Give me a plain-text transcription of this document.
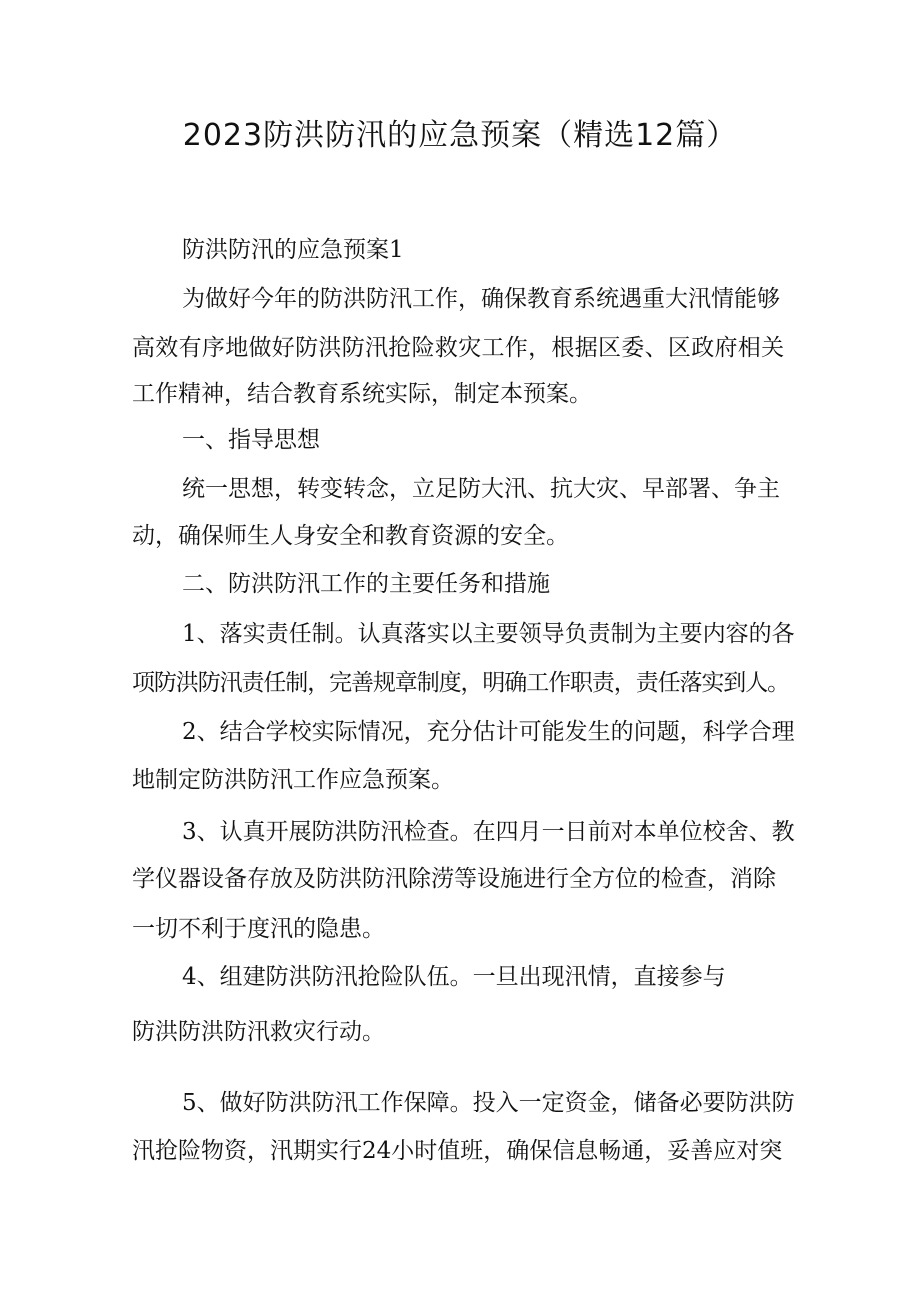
2023防洪防汛的应急预案（精选12篇）

防洪防汛的应急预案1

为做好今年的防洪防汛工作，确保教育系统遇重大汛情能够

高效有序地做好防洪防汛抢险救灾工作，根据区委、区政府相关

工作精神，结合教育系统实际，制定本预案。

一、指导思想

统一思想，转变转念，立足防大汛、抗大灾、早部署、争主

动，确保师生人身安全和教育资源的安全。

二、防洪防汛工作的主要任务和措施

1、落实责任制。认真落实以主要领导负责制为主要内容的各

项防洪防汛责任制，完善规章制度，明确工作职责，责任落实到人。

2、结合学校实际情况，充分估计可能发生的问题，科学合理

地制定防洪防汛工作应急预案。

3、认真开展防洪防汛检查。在四月一日前对本单位校舍、教

学仪器设备存放及防洪防汛除涝等设施进行全方位的检查，消除

一切不利于度汛的隐患。

4、组建防洪防汛抢险队伍。一旦出现汛情，直接参与

防洪防洪防汛救灾行动。

5、做好防洪防汛工作保障。投入一定资金，储备必要防洪防

汛抢险物资，汛期实行24小时值班，确保信息畅通，妥善应对突
